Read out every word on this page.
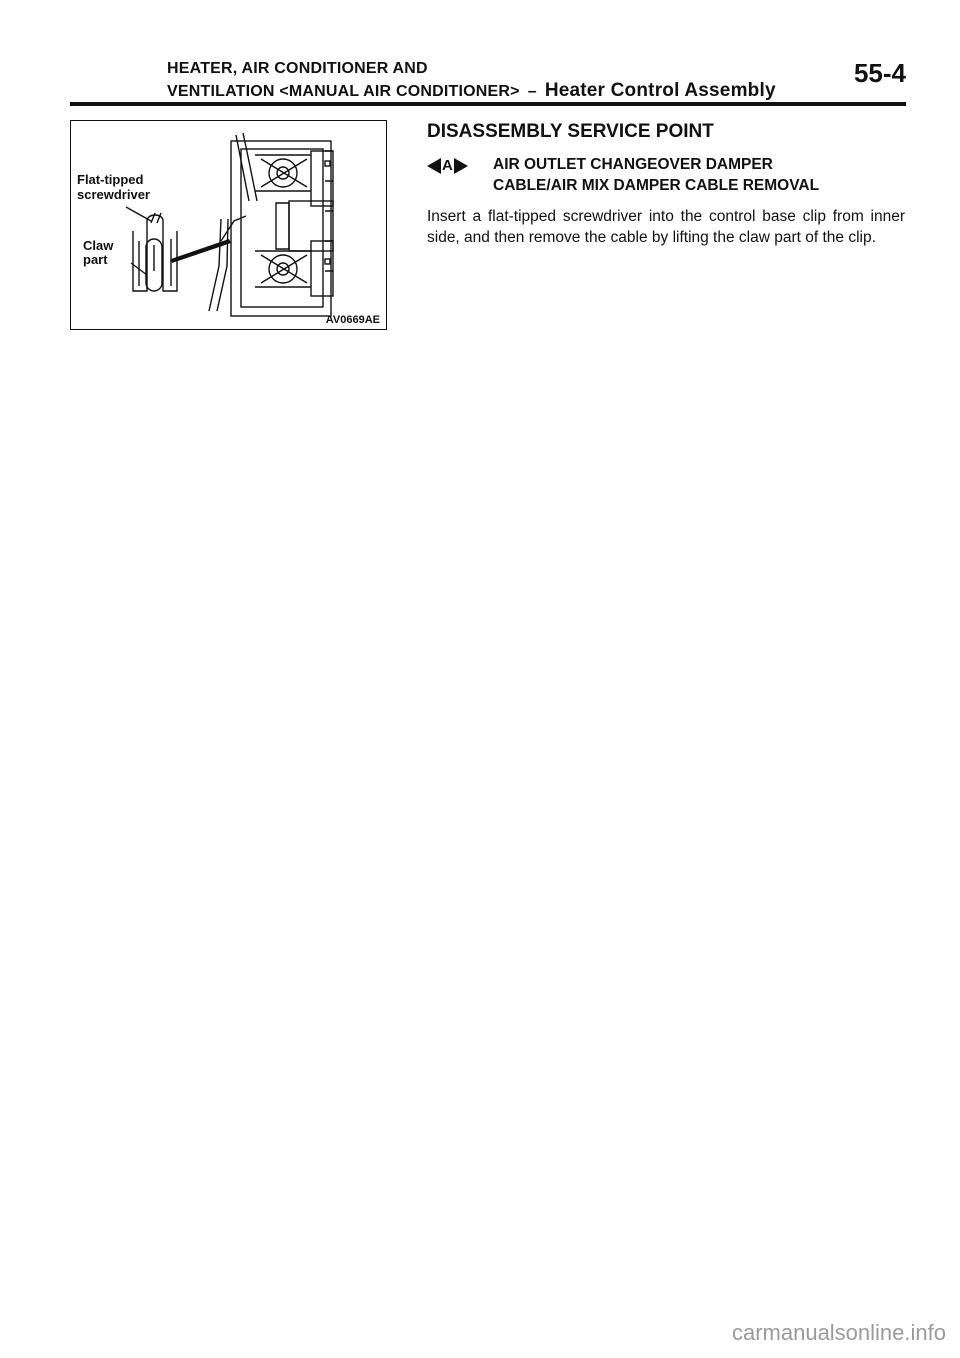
HEATER, AIR CONDITIONER AND
VENTILATION <MANUAL AIR CONDITIONER> – Heater Control Assembly
55-4
Flat-tipped
screwdriver
Claw
part
AV0669AE
DISASSEMBLY SERVICE POINT
A	AIR OUTLET CHANGEOVER DAMPER
CABLE/AIR MIX DAMPER CABLE REMOVAL

Insert a flat-tipped screwdriver into the control base clip from inner side, and then remove the cable by lifting the claw part of the clip.

carmanualsonline.info
